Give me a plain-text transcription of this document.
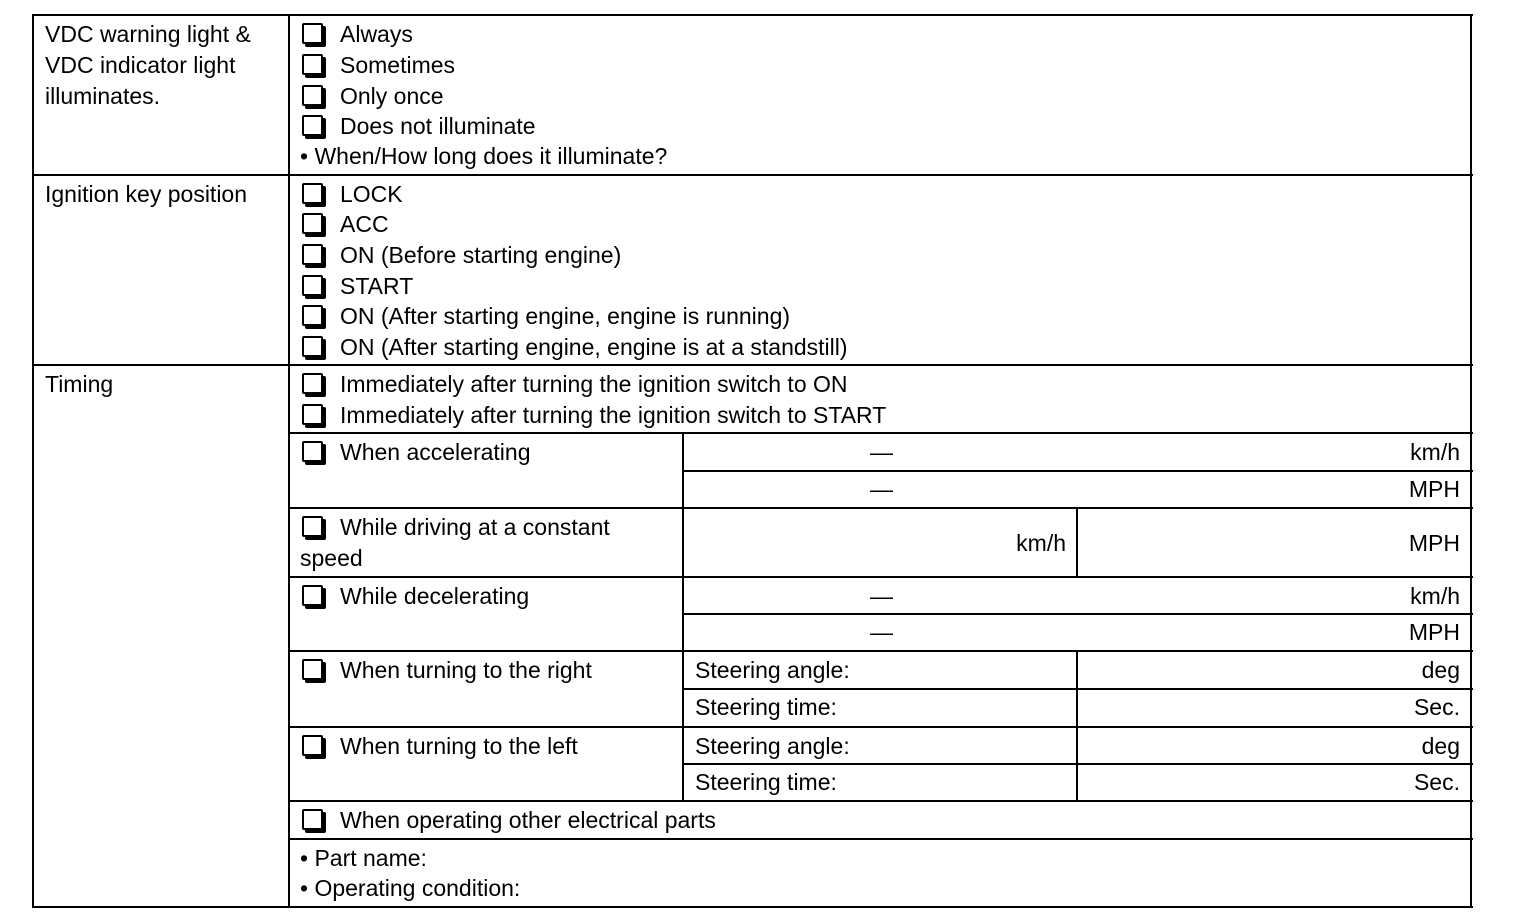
VDC warning light &
VDC indicator light
illuminates.
Always
Sometimes
Only once
Does not illuminate
• When/How long does it illuminate?
Ignition key position	LOCK
ACC
ON (Before starting engine)
START
ON (After starting engine, engine is running)
ON (After starting engine, engine is at a standstill)
Timing	Immediately after turning the ignition switch to ON
Immediately after turning the ignition switch to START
When accelerating	—	km/h
—	MPH
While driving at a constant
speed
km/h	MPH
While decelerating	—	km/h
—	MPH
When turning to the right	Steering angle:	deg
Steering time:	Sec.
When turning to the left	Steering angle:	deg
Steering time:	Sec.
When operating other electrical parts
• Part name:
• Operating condition:
